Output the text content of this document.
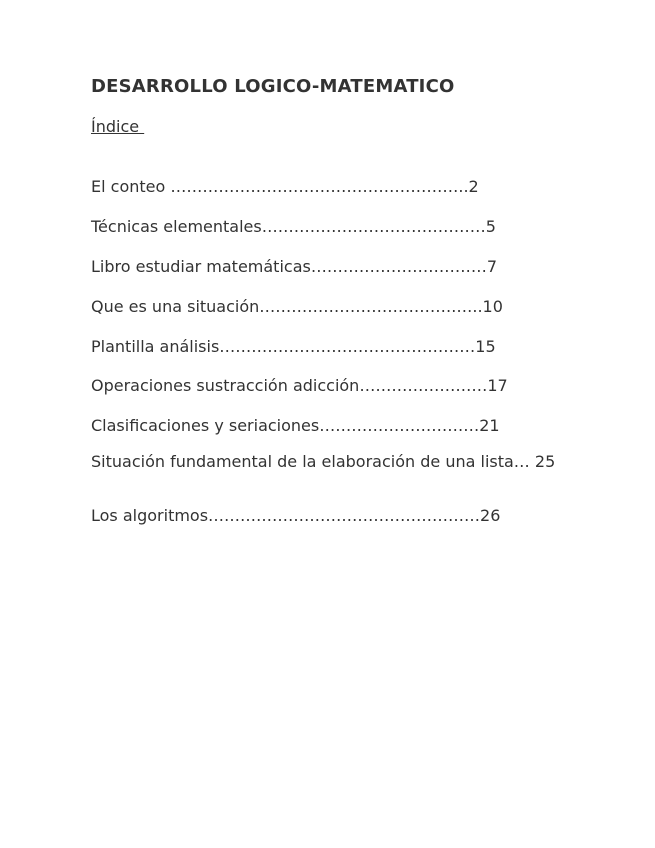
DESARROLLO LOGICO-MATEMATICO
Índice
El conteo ………………………………………………..2
Técnicas elementales……………………………………5
Libro estudiar matemáticas……………………………7
Que es una situación……………………………….…..10
Plantilla análisis…………………………………………15
Operaciones sustracción adicción……………………17
Clasificaciones y seriaciones…………………………21
Situación fundamental de la elaboración de una lista… 25
Los algoritmos……………………………………………26
